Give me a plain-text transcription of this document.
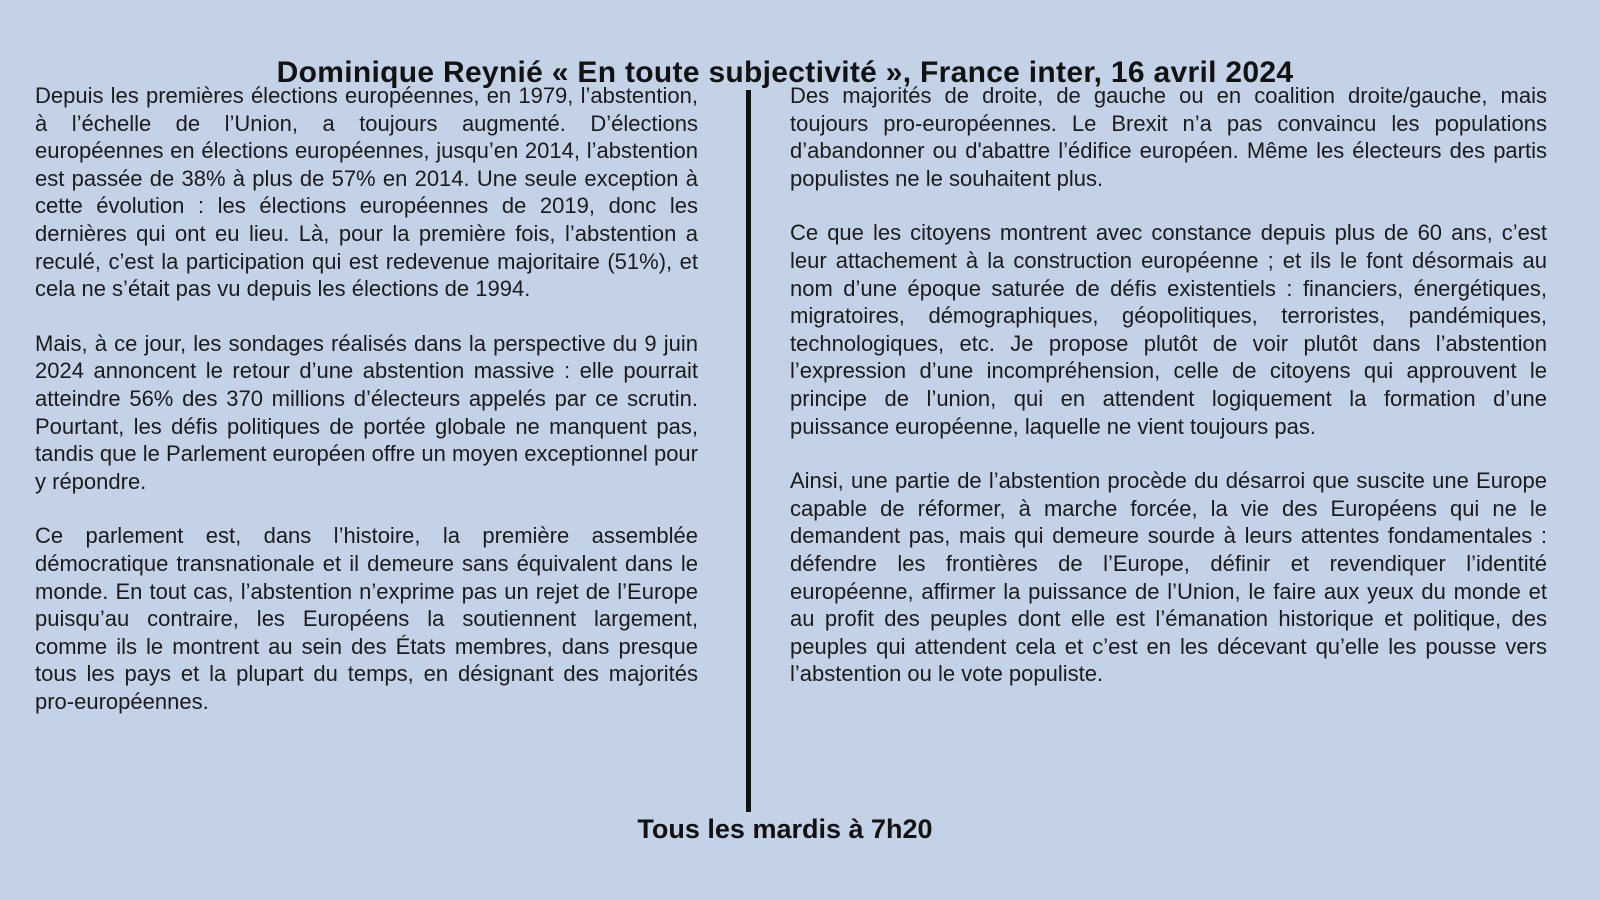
Dominique Reynié « En toute subjectivité », France inter, 16 avril 2024

Depuis les premières élections européennes, en 1979, l’abstention, à l’échelle de l’Union, a toujours augmenté. D’élections européennes en élections européennes, jusqu’en 2014, l’abstention est passée de 38% à plus de 57% en 2014. Une seule exception à cette évolution : les élections européennes de 2019, donc les dernières qui ont eu lieu. Là, pour la première fois, l’abstention a reculé, c’est la participation qui est redevenue majoritaire (51%), et cela ne s’était pas vu depuis les élections de 1994.

Mais, à ce jour, les sondages réalisés dans la perspective du 9 juin 2024 annoncent le retour d’une abstention massive : elle pourrait atteindre 56% des 370 millions d’électeurs appelés par ce scrutin. Pourtant, les défis politiques de portée globale ne manquent pas, tandis que le Parlement européen offre un moyen exceptionnel pour y répondre.

Ce parlement est, dans l’histoire, la première assemblée démocratique transnationale et il demeure sans équivalent dans le monde. En tout cas, l’abstention n’exprime pas un rejet de l’Europe puisqu’au contraire, les Européens la soutiennent largement, comme ils le montrent au sein des États membres, dans presque tous les pays et la plupart du temps, en désignant des majorités pro-européennes.

Des majorités de droite, de gauche ou en coalition droite/gauche, mais toujours pro-européennes. Le Brexit n’a pas convaincu les populations d’abandonner ou d'abattre l’édifice européen. Même les électeurs des partis populistes ne le souhaitent plus.

Ce que les citoyens montrent avec constance depuis plus de 60 ans, c’est leur attachement à la construction européenne ; et ils le font désormais au nom d’une époque saturée de défis existentiels : financiers, énergétiques, migratoires, démographiques, géopolitiques, terroristes, pandémiques, technologiques, etc. Je propose plutôt de voir plutôt dans l’abstention l’expression d’une incompréhension, celle de citoyens qui approuvent le principe de l’union, qui en attendent logiquement la formation d’une puissance européenne, laquelle ne vient toujours pas.

Ainsi, une partie de l’abstention procède du désarroi que suscite une Europe capable de réformer, à marche forcée, la vie des Européens qui ne le demandent pas, mais qui demeure sourde à leurs attentes fondamentales : défendre les frontières de l’Europe, définir et revendiquer l’identité européenne, affirmer la puissance de l’Union, le faire aux yeux du monde et au profit des peuples dont elle est l’émanation historique et politique, des peuples qui attendent cela et c’est en les décevant qu’elle les pousse vers l’abstention ou le vote populiste.

Tous les mardis à 7h20
